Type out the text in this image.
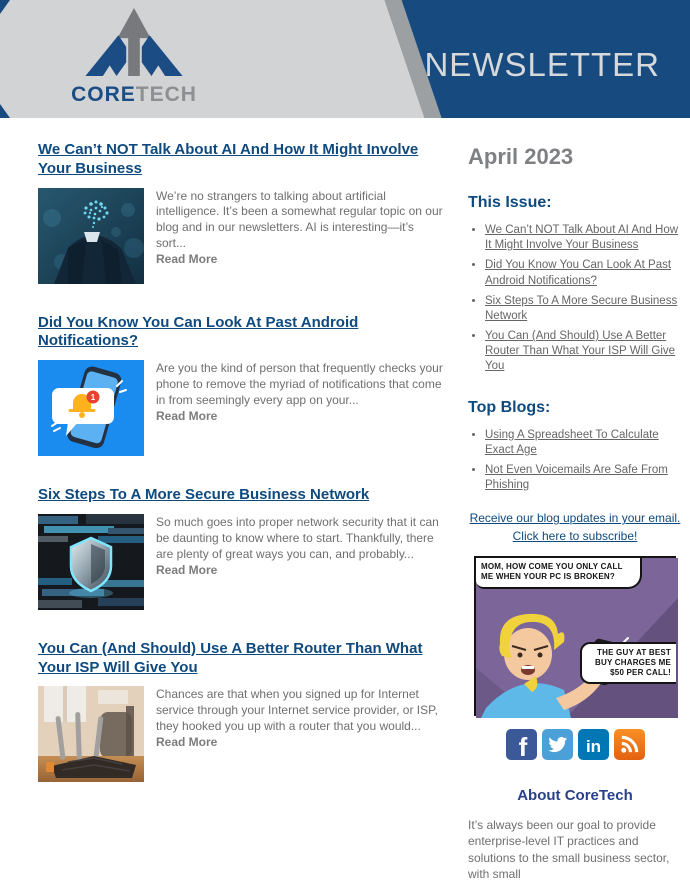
CORETECH
NEWSLETTER
We Can’t NOT Talk About AI And How It Might Involve Your Business
We’re no strangers to talking about artificial intelligence. It’s been a somewhat regular topic on our blog and in our newsletters. AI is interesting—it’s sort...
Read More
Did You Know You Can Look At Past Android Notifications?
1
Are you the kind of person that frequently checks your phone to remove the myriad of notifications that come in from seemingly every app on your...
Read More
Six Steps To A More Secure Business Network
So much goes into proper network security that it can be daunting to know where to start. Thankfully, there are plenty of great ways you can, and probably...
Read More
You Can (And Should) Use A Better Router Than What Your ISP Will Give You
Chances are that when you signed up for Internet service through your Internet service provider, or ISP, they hooked you up with a router that you would...
Read More
April 2023
This Issue:
• We Can’t NOT Talk About AI And How It Might Involve Your Business
• Did You Know You Can Look At Past Android Notifications?
• Six Steps To A More Secure Business Network
• You Can (And Should) Use A Better Router Than What Your ISP Will Give You
Top Blogs:
• Using A Spreadsheet To Calculate Exact Age
• Not Even Voicemails Are Safe From Phishing
Receive our blog updates in your email.
Click here to subscribe!
MOM, HOW COME YOU ONLY CALL ME WHEN YOUR PC IS BROKEN?
THE GUY AT BEST BUY CHARGES ME $50 PER CALL!
f	in
About CoreTech
It’s always been our goal to provide enterprise-level IT practices and solutions to the small business sector, with small
